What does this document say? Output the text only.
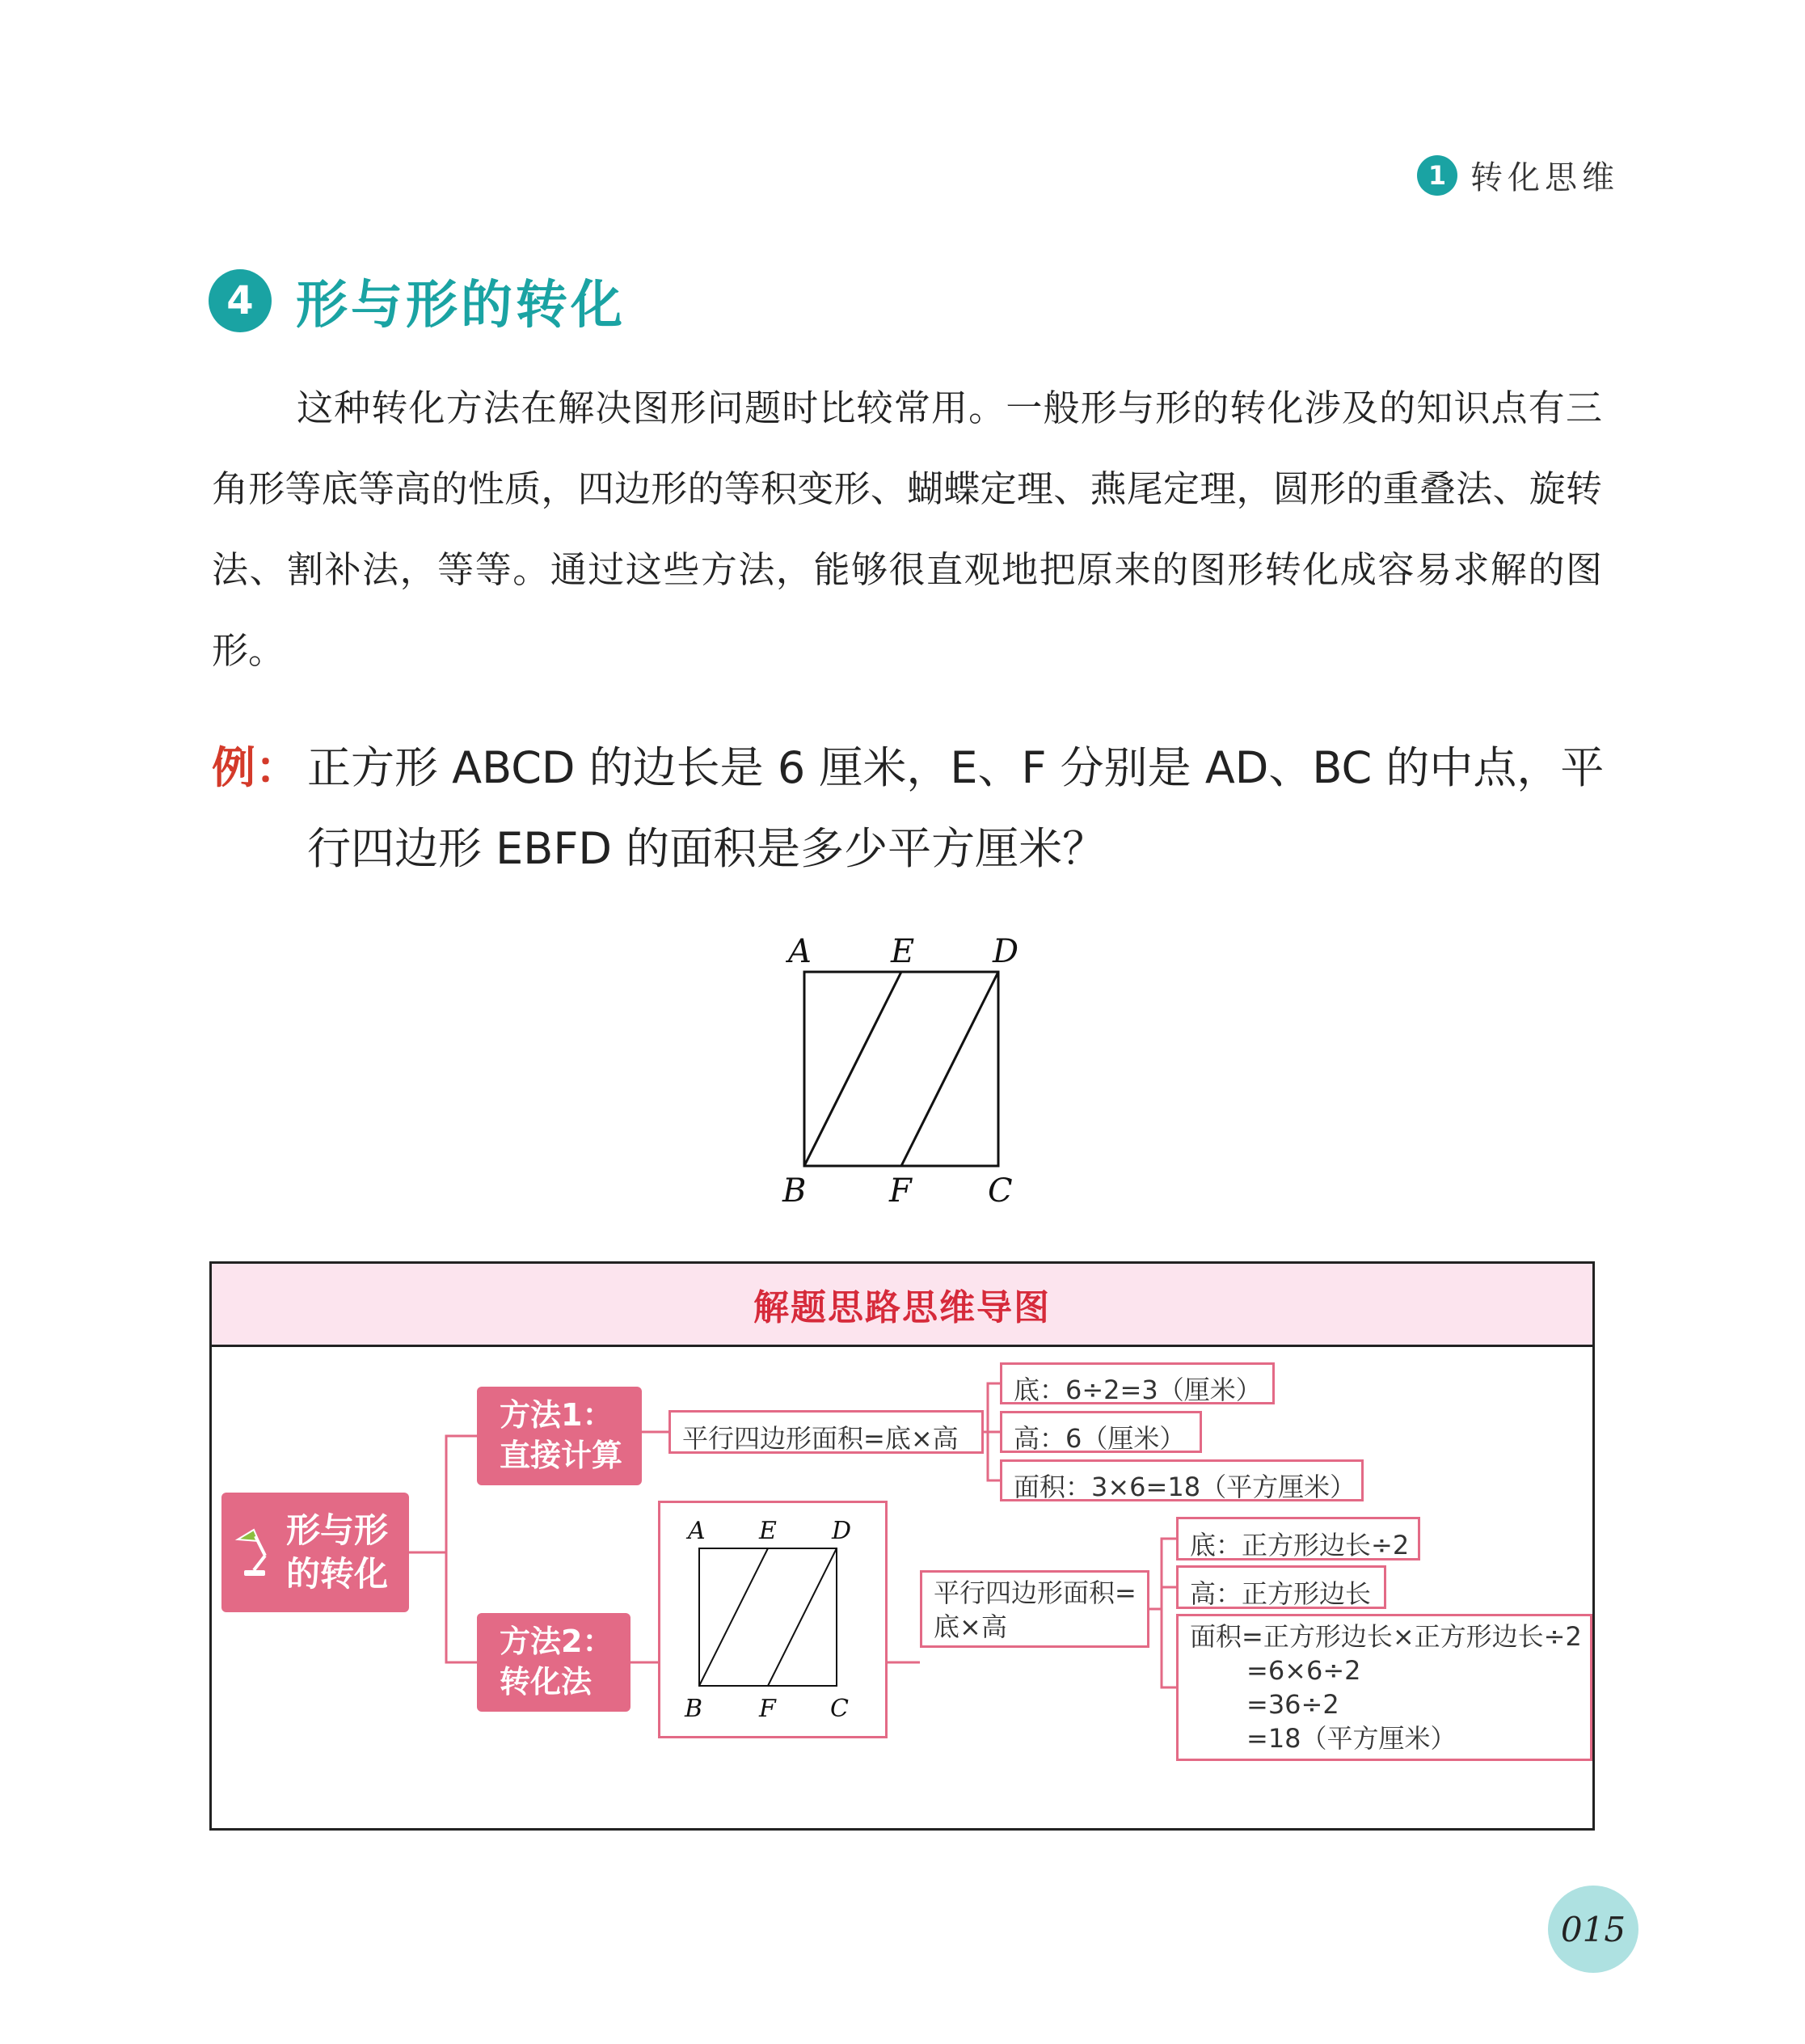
1 转化思维
4 形与形的转化
这种转化方法在解决图形问题时比较常用。一般形与形的转化涉及的知识点有三角形等底等高的性质，四边形的等积变形、蝴蝶定理、燕尾定理，圆形的重叠法、旋转法、割补法，等等。通过这些方法，能够很直观地把原来的图形转化成容易求解的图形。
例： 正方形 ABCD 的边长是 6 厘米，E、F 分别是 AD、BC 的中点，平行四边形 EBFD 的面积是多少平方厘米？
A E D
B	F C
解题思路思维导图
形与形
的转化
方法1：
直接计算	平行四边形面积=底×高
底：6÷2=3（厘米）
高：6（厘米）
面积：3×6=18（平方厘米）
方法2：
转化法
A E D
B F C
平行四边形面积=
底×高
底：正方形边长÷2
高：正方形边长
面积=正方形边长×正方形边长÷2
=6×6÷2
=36÷2
=18（平方厘米）
015
